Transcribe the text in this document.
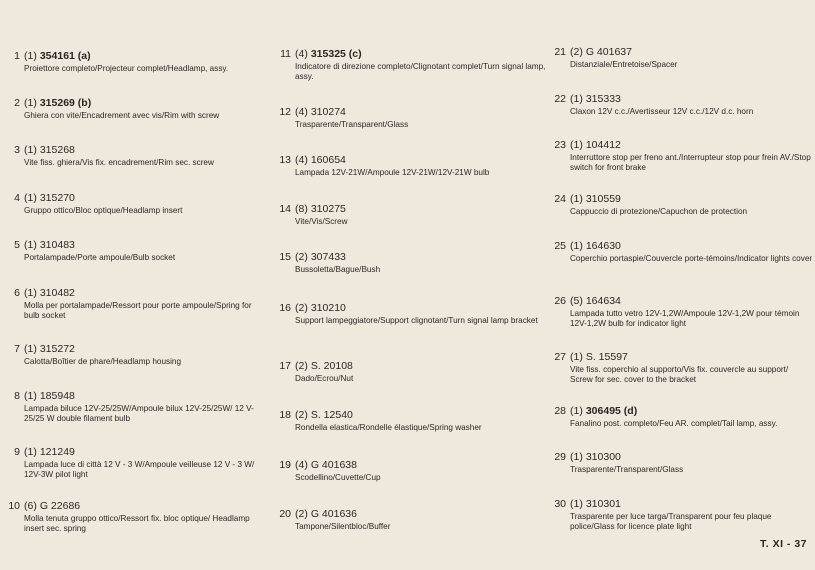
1 (1) 354161 (a)
Proiettore completo/Projecteur complet/Headlamp, assy.
2 (1) 315269 (b)
Ghiera con vite/Encadrement avec vis/Rim with screw
3 (1) 315268
Vite fiss. ghiera/Vis fix. encadrement/Rim sec. screw
4 (1) 315270
Gruppo ottico/Bloc optique/Headlamp insert
5 (1) 310483
Portalampade/Porte ampoule/Bulb socket
6 (1) 310482
Molla per portalampade/Ressort pour porte ampoule/Spring for bulb socket
7 (1) 315272
Calotta/Boîtier de phare/Headlamp housing
8 (1) 185948
Lampada biluce 12V-25/25W/Ampoule bilux 12V-25/25W/ 12 V-25/25 W double filament bulb
9 (1) 121249
Lampada luce di città 12 V - 3 W/Ampoule veilleuse 12 V - 3 W/ 12V-3W pilot light
10 (6) G 22686
Molla tenuta gruppo ottico/Ressort fix. bloc optique/ Headlamp insert sec. spring
11 (4) 315325 (c)
Indicatore di direzione completo/Clignotant complet/Turn signal lamp, assy.
12 (4) 310274
Trasparente/Transparent/Glass
13 (4) 160654
Lampada 12V-21W/Ampoule 12V-21W/12V-21W bulb
14 (8) 310275
Vite/Vis/Screw
15 (2) 307433
Bussoletta/Bague/Bush
16 (2) 310210
Support lampeggiatore/Support clignotant/Turn signal lamp bracket
17 (2) S. 20108
Dado/Ecrou/Nut
18 (2) S. 12540
Rondella elastica/Rondelle élastique/Spring washer
19 (4) G 401638
Scodellino/Cuvette/Cup
20 (2) G 401636
Tampone/Silentbloc/Buffer
21 (2) G 401637
Distanziale/Entretoise/Spacer
22 (1) 315333
Claxon 12V c.c./Avertisseur 12V c.c./12V d.c. horn
23 (1) 104412
Interruttore stop per freno ant./Interrupteur stop pour frein AV./Stop switch for front brake
24 (1) 310559
Cappuccio di protezione/Capuchon de protection
25 (1) 164630
Coperchio portaspie/Couvercle porte-témoins/Indicator lights cover
26 (5) 164634
Lampada tutto vetro 12V-1,2W/Ampoule 12V-1,2W pour témoin 12V-1,2W bulb for indicator light
27 (1) S. 15597
Vite fiss. coperchio al supporto/Vis fix. couvercle au support/ Screw for sec. cover to the bracket
28 (1) 306495 (d)
Fanalino post. completo/Feu AR. complet/Tail lamp, assy.
29 (1) 310300
Trasparente/Transparent/Glass
30 (1) 310301
Trasparente per luce targa/Transparent pour feu plaque police/Glass for licence plate light
T. XI - 37
